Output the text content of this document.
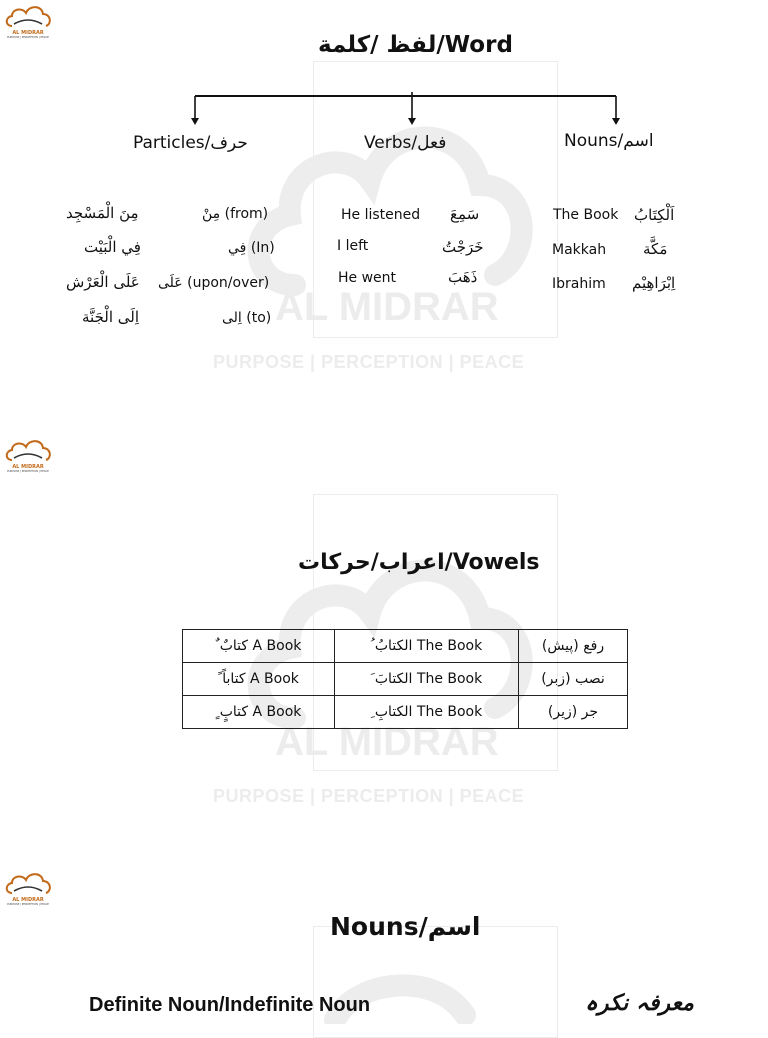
AL MIDRAR
PURPOSE | PERCEPTION | PEACE
AL MIDRAR
PURPOSE | PERCEPTION | PEACE	لفظ /كلمة/Word
Particles/حرف	Verbs/فعل	Nouns/اسم
مِنَ الْمَسْجِد	مِنْ (from)
فِي الْبَيْت	فِي (In)
عَلَى الْعَرْش عَلَى (upon/over)
اِلَى الْجَنَّة	اِلى (to)
He listened سَمِعَ
I left	خَرَجْتُ
He went	ذَهَبَ
The Book اَلْكِتَابُ
Makkah مَكَّة
Ibrahim اِبْرَاهِيْم
AL MIDRAR
PURPOSE | PERCEPTION | PEACE
AL MIDRAR
PURPOSE | PERCEPTION | PEACE
اعراب/حرکات/Vowels
ٌ كتابٌ A Book	ُ الكتابُ The Book	رفع (پیش)
ً كتاباً A Book	َ الكتابَ The Book	نصب (زبر)
ٍ كتابٍ A Book	ِ الكتابِ The Book	جر (زیر)
AL MIDRAR
PURPOSE | PERCEPTION | PEACE
Nouns/اسم
Definite Noun/Indefinite Noun	معرفہ نکرہ
